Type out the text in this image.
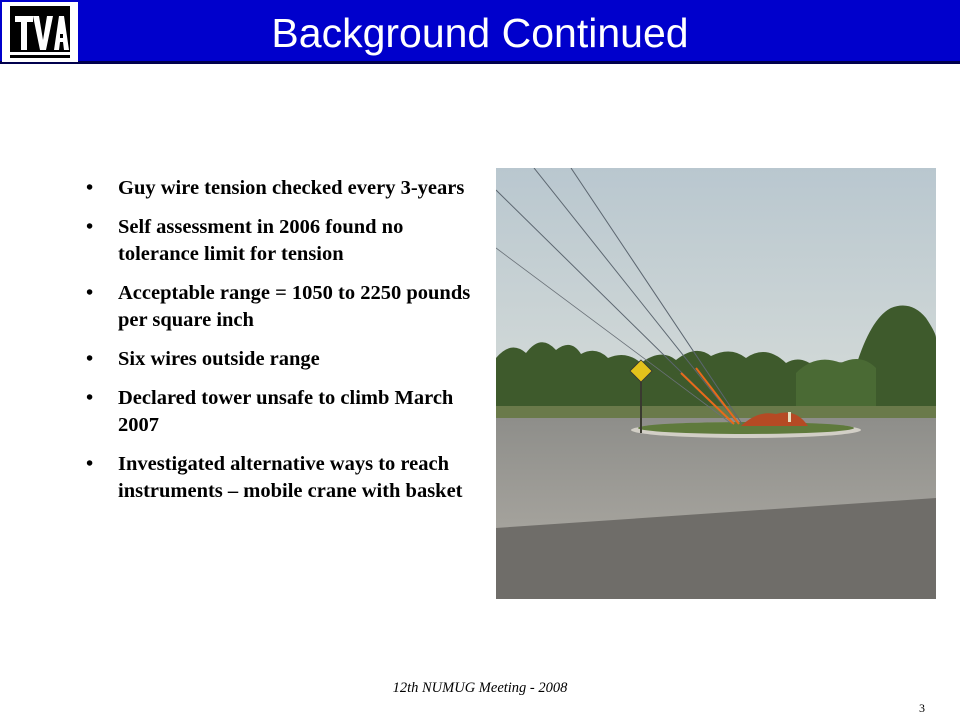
Background Continued
• Guy wire tension checked every 3-years
• Self assessment in 2006 found no tolerance limit for tension
• Acceptable range = 1050 to 2250 pounds per square inch
• Six wires outside range
• Declared tower unsafe to climb March 2007
• Investigated alternative ways to reach instruments – mobile crane with basket
12th NUMUG Meeting - 2008
3
